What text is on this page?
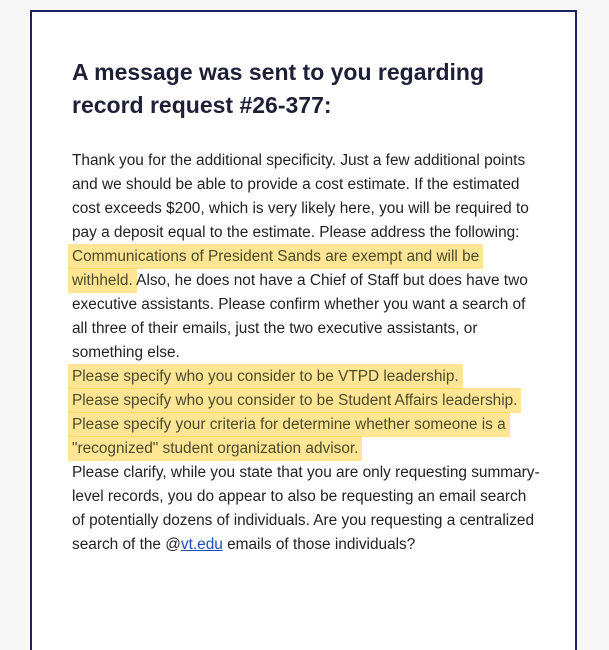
A message was sent to you regarding record request #26-377:

Thank you for the additional specificity. Just a few additional points and we should be able to provide a cost estimate. If the estimated cost exceeds $200, which is very likely here, you will be required to pay a deposit equal to the estimate. Please address the following:

Communications of President Sands are exempt and will be withheld. Also, he does not have a Chief of Staff but does have two executive assistants. Please confirm whether you want a search of all three of their emails, just the two executive assistants, or something else.

Please specify who you consider to be VTPD leadership.

Please specify who you consider to be Student Affairs leadership.

Please specify your criteria for determine whether someone is a "recognized" student organization advisor.

Please clarify, while you state that you are only requesting summary-level records, you do appear to also be requesting an email search of potentially dozens of individuals. Are you requesting a centralized search of the @vt.edu emails of those individuals?
